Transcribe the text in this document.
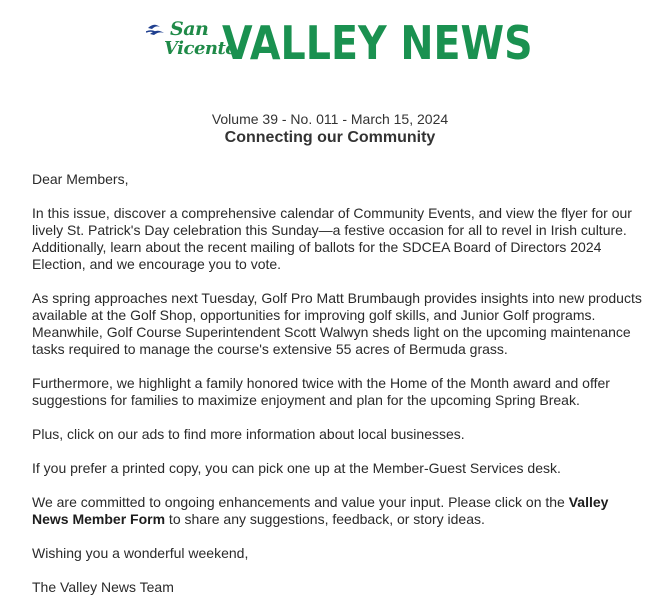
San
Vicente
VALLEY NEWS
Volume 39 - No. 011 - March 15, 2024
Connecting our Community

Dear Members,

In this issue, discover a comprehensive calendar of Community Events, and view the flyer for our lively St. Patrick's Day celebration this Sunday—a festive occasion for all to revel in Irish culture. Additionally, learn about the recent mailing of ballots for the SDCEA Board of Directors 2024 Election, and we encourage you to vote.

As spring approaches next Tuesday, Golf Pro Matt Brumbaugh provides insights into new products available at the Golf Shop, opportunities for improving golf skills, and Junior Golf programs. Meanwhile, Golf Course Superintendent Scott Walwyn sheds light on the upcoming maintenance tasks required to manage the course's extensive 55 acres of Bermuda grass.

Furthermore, we highlight a family honored twice with the Home of the Month award and offer suggestions for families to maximize enjoyment and plan for the upcoming Spring Break.

Plus, click on our ads to find more information about local businesses.

If you prefer a printed copy, you can pick one up at the Member-Guest Services desk.

We are committed to ongoing enhancements and value your input. Please click on the Valley News Member Form to share any suggestions, feedback, or story ideas.

Wishing you a wonderful weekend,

The Valley News Team
